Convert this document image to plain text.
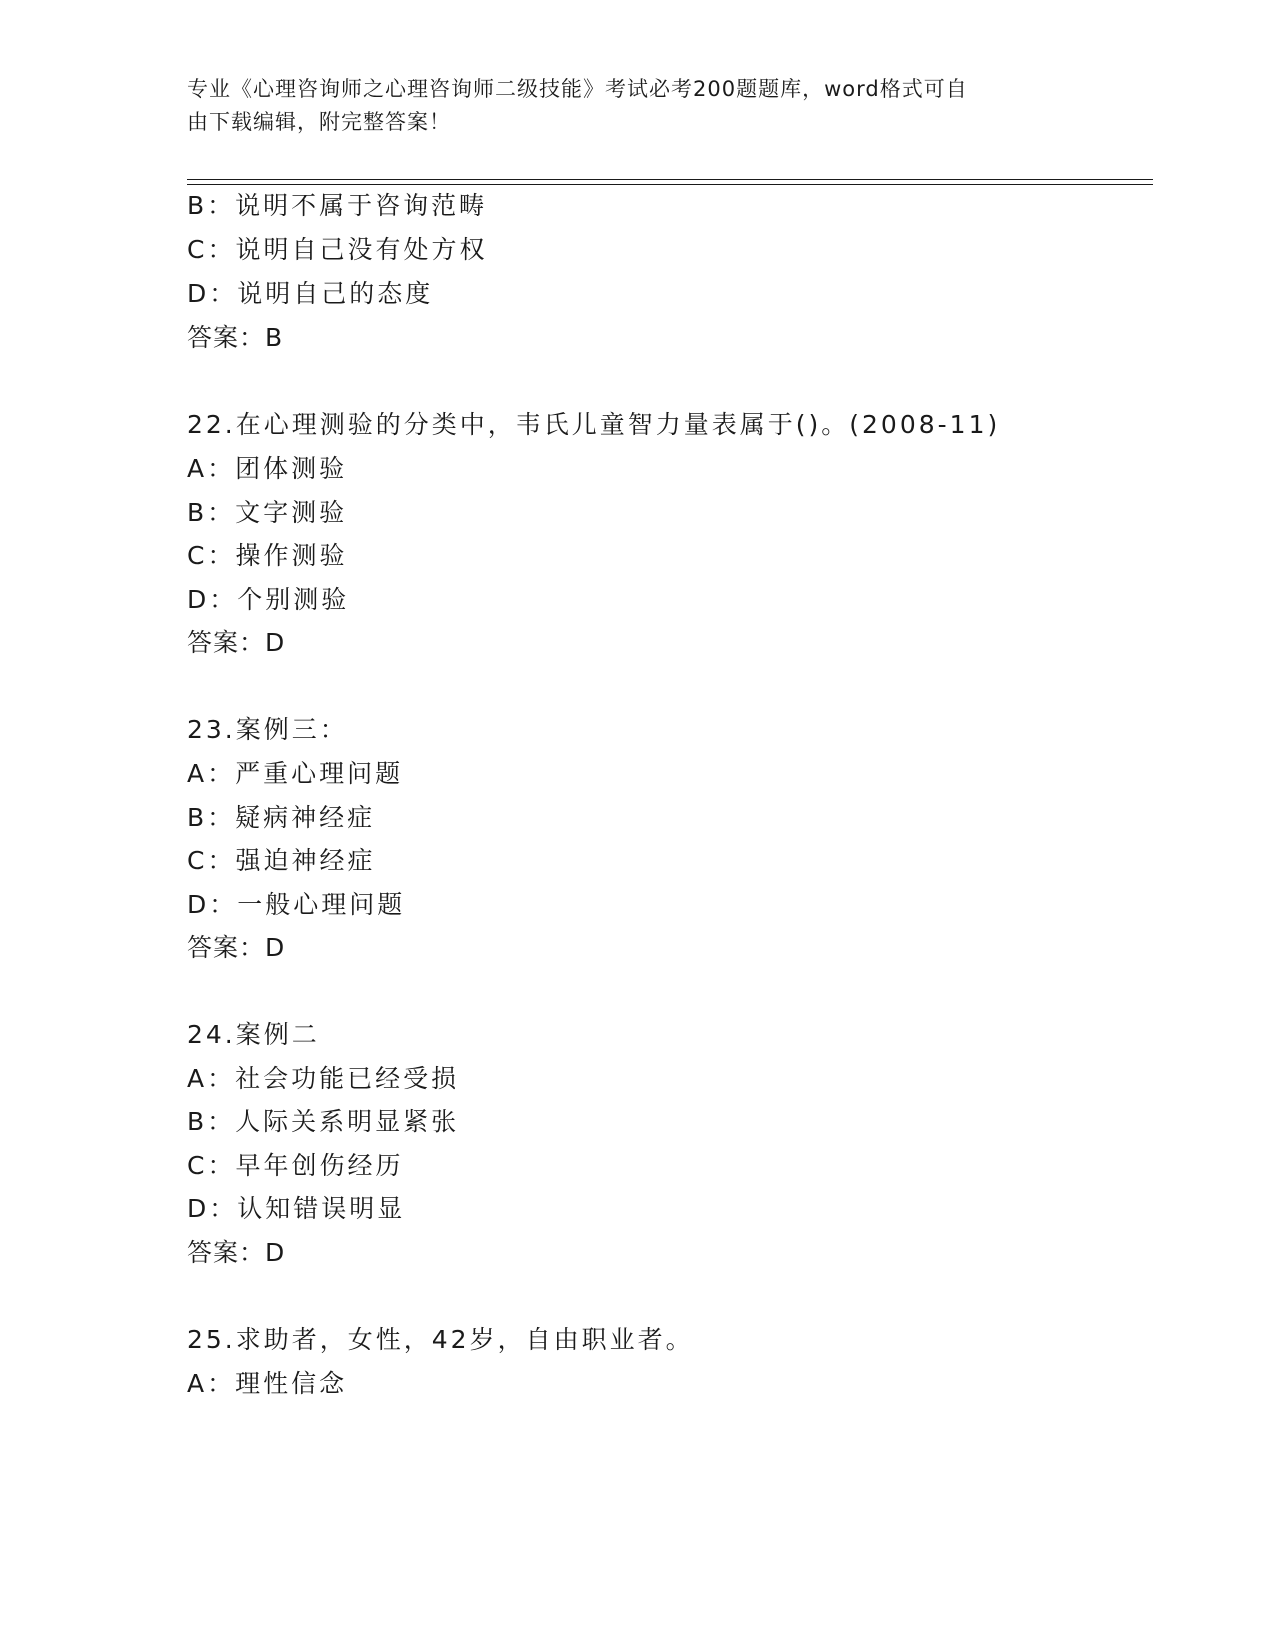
专业《心理咨询师之心理咨询师二级技能》考试必考200题题库，word格式可自
由下载编辑，附完整答案！
B：说明不属于咨询范畴
C：说明自己没有处方权
D：说明自己的态度
答案：B
22.在心理测验的分类中，韦氏儿童智力量表属于()。(2008-11)
A：团体测验
B：文字测验
C：操作测验
D：个别测验
答案：D
23.案例三：
A：严重心理问题
B：疑病神经症
C：强迫神经症
D：一般心理问题
答案：D
24.案例二
A：社会功能已经受损
B：人际关系明显紧张
C：早年创伤经历
D：认知错误明显
答案：D
25.求助者，女性，42岁，自由职业者。
A：理性信念
